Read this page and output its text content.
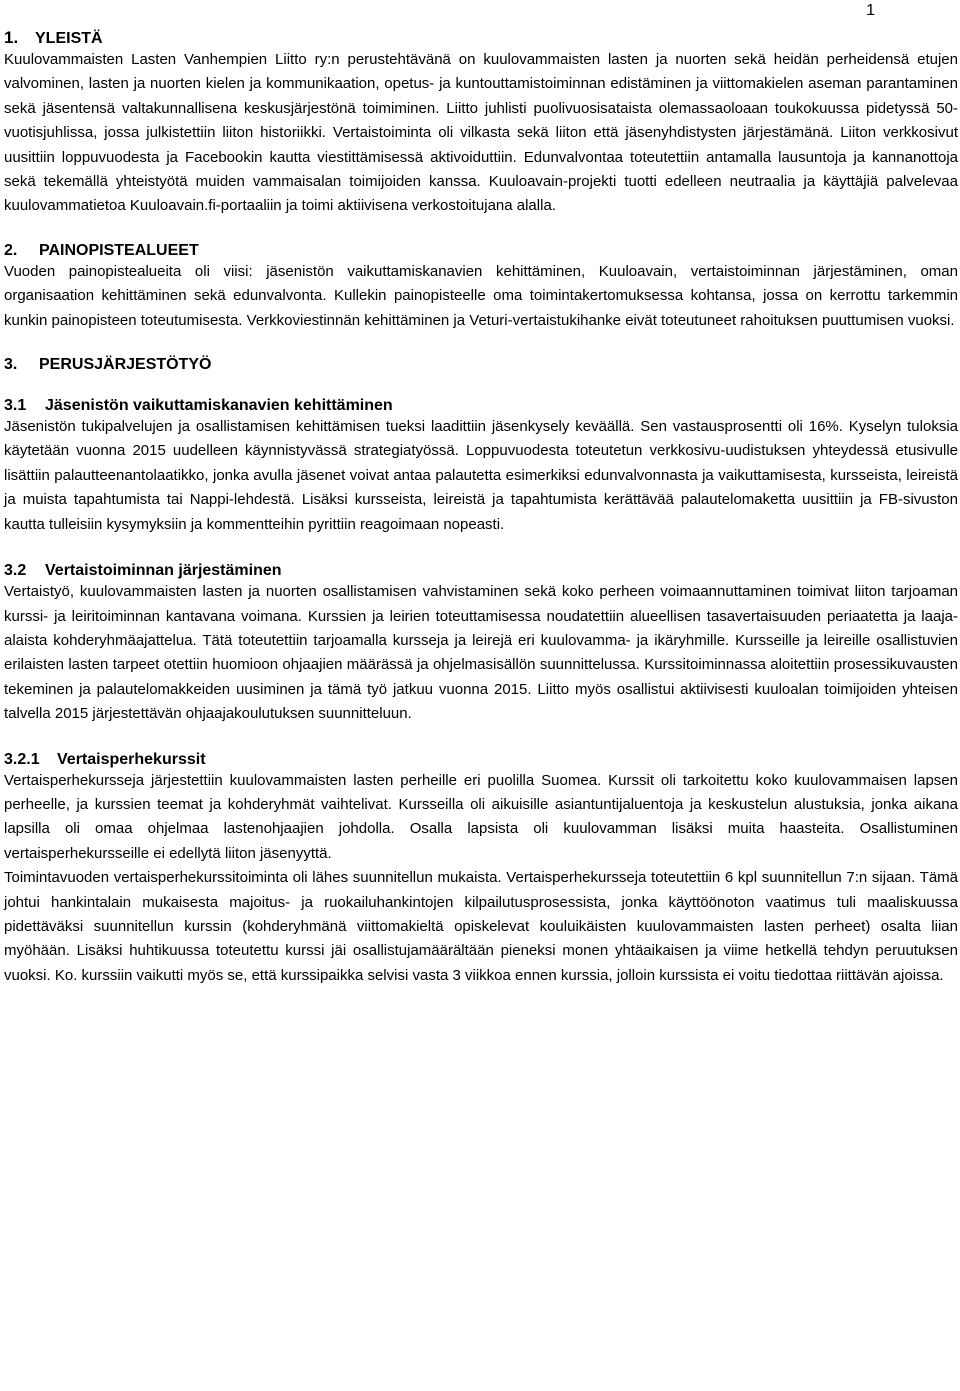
1
1. YLEISTÄ

Kuulovammaisten Lasten Vanhempien Liitto ry:n perustehtävänä on kuulovammaisten lasten ja nuorten sekä heidän perheidensä etujen valvominen, lasten ja nuorten kielen ja kommunikaation, opetus- ja kuntouttamistoiminnan edistäminen ja viittomakielen aseman parantaminen sekä jäsentensä valtakunnallisena keskusjärjestönä toimiminen. Liitto juhlisti puolivuosisataista olemassaoloaan toukokuussa pidetyssä 50-vuotisjuhlissa, jossa julkistettiin liiton historiikki. Vertaistoiminta oli vilkasta sekä liiton että jäsenyhdistysten järjestämänä. Liiton verkkosivut uusittiin loppuvuodesta ja Facebookin kautta viestittämisessä aktivoiduttiin. Edunvalvontaa toteutettiin antamalla lausuntoja ja kannanottoja sekä tekemällä yhteistyötä muiden vammaisalan toimijoiden kanssa. Kuuloavain-projekti tuotti edelleen neutraalia ja käyttäjiä palvelevaa kuulovammatietoa Kuuloavain.fi-portaaliin ja toimi aktiivisena verkostoitujana alalla.

2. PAINOPISTEALUEET

Vuoden painopistealueita oli viisi: jäsenistön vaikuttamiskanavien kehittäminen, Kuuloavain, vertaistoiminnan järjestäminen, oman organisaation kehittäminen sekä edunvalvonta. Kullekin painopisteelle oma toimintakertomuksessa kohtansa, jossa on kerrottu tarkemmin kunkin painopisteen toteutumisesta. Verkkoviestinnän kehittäminen ja Veturi-vertaistukihanke eivät toteutuneet rahoituksen puuttumisen vuoksi.

3. PERUSJÄRJESTÖTYÖ
3.1 Jäsenistön vaikuttamiskanavien kehittäminen

Jäsenistön tukipalvelujen ja osallistamisen kehittämisen tueksi laadittiin jäsenkysely keväällä. Sen vastausprosentti oli 16%. Kyselyn tuloksia käytetään vuonna 2015 uudelleen käynnistyvässä strategiatyössä. Loppuvuodesta toteutetun verkkosivu-uudistuksen yhteydessä etusivulle lisättiin palautteenantolaatikko, jonka avulla jäsenet voivat antaa palautetta esimerkiksi edunvalvonnasta ja vaikuttamisesta, kursseista, leireistä ja muista tapahtumista tai Nappi-lehdestä. Lisäksi kursseista, leireistä ja tapahtumista kerättävää palautelomaketta uusittiin ja FB-sivuston kautta tulleisiin kysymyksiin ja kommentteihin pyrittiin reagoimaan nopeasti.

3.2 Vertaistoiminnan järjestäminen

Vertaistyö, kuulovammaisten lasten ja nuorten osallistamisen vahvistaminen sekä koko perheen voimaannuttaminen toimivat liiton tarjoaman kurssi- ja leiritoiminnan kantavana voimana. Kurssien ja leirien toteuttamisessa noudatettiin alueellisen tasavertaisuuden periaatetta ja laaja-alaista kohderyhmäajattelua. Tätä toteutettiin tarjoamalla kursseja ja leirejä eri kuulovamma- ja ikäryhmille. Kursseille ja leireille osallistuvien erilaisten lasten tarpeet otettiin huomioon ohjaajien määrässä ja ohjelmasisällön suunnittelussa. Kurssitoiminnassa aloitettiin prosessikuvausten tekeminen ja palautelomakkeiden uusiminen ja tämä työ jatkuu vuonna 2015. Liitto myös osallistui aktiivisesti kuuloalan toimijoiden yhteisen talvella 2015 järjestettävän ohjaajakoulutuksen suunnitteluun.

3.2.1 Vertaisperhekurssit

Vertaisperhekursseja järjestettiin kuulovammaisten lasten perheille eri puolilla Suomea. Kurssit oli tarkoitettu koko kuulovammaisen lapsen perheelle, ja kurssien teemat ja kohderyhmät vaihtelivat. Kursseilla oli aikuisille asiantuntijaluentoja ja keskustelun alustuksia, jonka aikana lapsilla oli omaa ohjelmaa lastenohjaajien johdolla. Osalla lapsista oli kuulovamman lisäksi muita haasteita. Osallistuminen vertaisperhekursseille ei edellytä liiton jäsenyyttä.

Toimintavuoden vertaisperhekurssitoiminta oli lähes suunnitellun mukaista. Vertaisperhekursseja toteutettiin 6 kpl suunnitellun 7:n sijaan. Tämä johtui hankintalain mukaisesta majoitus- ja ruokailuhankintojen kilpailutusprosessista, jonka käyttöönoton vaatimus tuli maaliskuussa pidettäväksi suunnitellun kurssin (kohderyhmänä viittomakieltä opiskelevat kouluikäisten kuulovammaisten lasten perheet) osalta liian myöhään. Lisäksi huhtikuussa toteutettu kurssi jäi osallistujamäärältään pieneksi monen yhtäaikaisen ja viime hetkellä tehdyn peruutuksen vuoksi. Ko. kurssiin vaikutti myös se, että kurssipaikka selvisi vasta 3 viikkoa ennen kurssia, jolloin kurssista ei voitu tiedottaa riittävän ajoissa.
